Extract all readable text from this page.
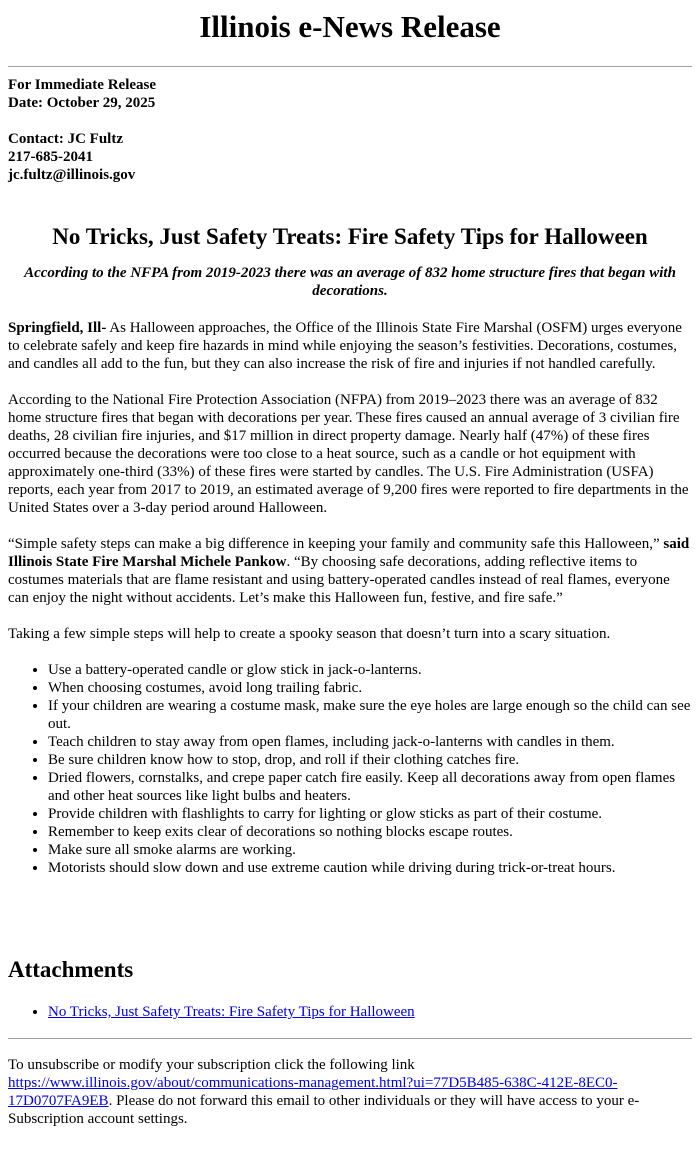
Illinois e-News Release
For Immediate Release
Date: October 29, 2025
Contact: JC Fultz
217-685-2041
jc.fultz@illinois.gov
No Tricks, Just Safety Treats: Fire Safety Tips for Halloween
According to the NFPA from 2019-2023 there was an average of 832 home structure fires that began with decorations.

Springfield, Ill- As Halloween approaches, the Office of the Illinois State Fire Marshal (OSFM) urges everyone to celebrate safely and keep fire hazards in mind while enjoying the season’s festivities. Decorations, costumes, and candles all add to the fun, but they can also increase the risk of fire and injuries if not handled carefully.

According to the National Fire Protection Association (NFPA) from 2019–2023 there was an average of 832 home structure fires that began with decorations per year. These fires caused an annual average of 3 civilian fire deaths, 28 civilian fire injuries, and $17 million in direct property damage. Nearly half (47%) of these fires occurred because the decorations were too close to a heat source, such as a candle or hot equipment with approximately one-third (33%) of these fires were started by candles. The U.S. Fire Administration (USFA) reports, each year from 2017 to 2019, an estimated average of 9,200 fires were reported to fire departments in the United States over a 3-day period around Halloween.

“Simple safety steps can make a big difference in keeping your family and community safe this Halloween,” said Illinois State Fire Marshal Michele Pankow. “By choosing safe decorations, adding reflective items to costumes materials that are flame resistant and using battery-operated candles instead of real flames, everyone can enjoy the night without accidents. Let’s make this Halloween fun, festive, and fire safe.”

Taking a few simple steps will help to create a spooky season that doesn’t turn into a scary situation.

• Use a battery-operated candle or glow stick in jack-o-lanterns.
• When choosing costumes, avoid long trailing fabric.
• If your children are wearing a costume mask, make sure the eye holes are large enough so the child can see out.
• Teach children to stay away from open flames, including jack-o-lanterns with candles in them.
• Be sure children know how to stop, drop, and roll if their clothing catches fire.
• Dried flowers, cornstalks, and crepe paper catch fire easily. Keep all decorations away from open flames and other heat sources like light bulbs and heaters.
• Provide children with flashlights to carry for lighting or glow sticks as part of their costume.
• Remember to keep exits clear of decorations so nothing blocks escape routes.
• Make sure all smoke alarms are working.
• Motorists should slow down and use extreme caution while driving during trick-or-treat hours.
Attachments
• No Tricks, Just Safety Treats: Fire Safety Tips for Halloween
To unsubscribe or modify your subscription click the following link
https://www.illinois.gov/about/communications-management.html?ui=77D5B485-638C-412E-8EC0-17D0707FA9EB. Please do not forward this email to other individuals or they will have access to your e-Subscription account settings.
